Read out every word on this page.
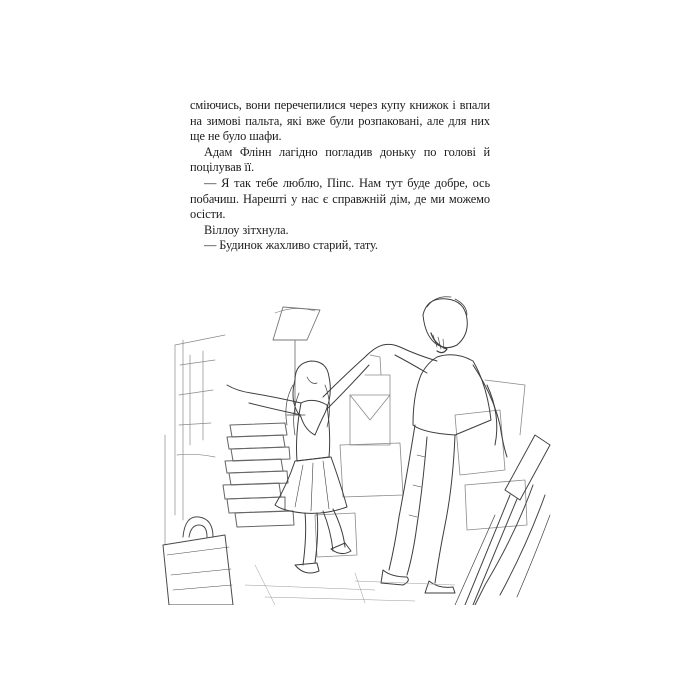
сміючись, вони перечепилися через купу книжок і впали на зимові пальта, які вже були розпаковані, але для них ще не було шафи.

Адам Флінн лагідно погладив доньку по голові й поцілував її.

— Я так тебе люблю, Піпс. Нам тут буде добре, ось побачиш. Нарешті у нас є справжній дім, де ми можемо осісти.

Віллоу зітхнула.

— Будинок жахливо старий, тату.
